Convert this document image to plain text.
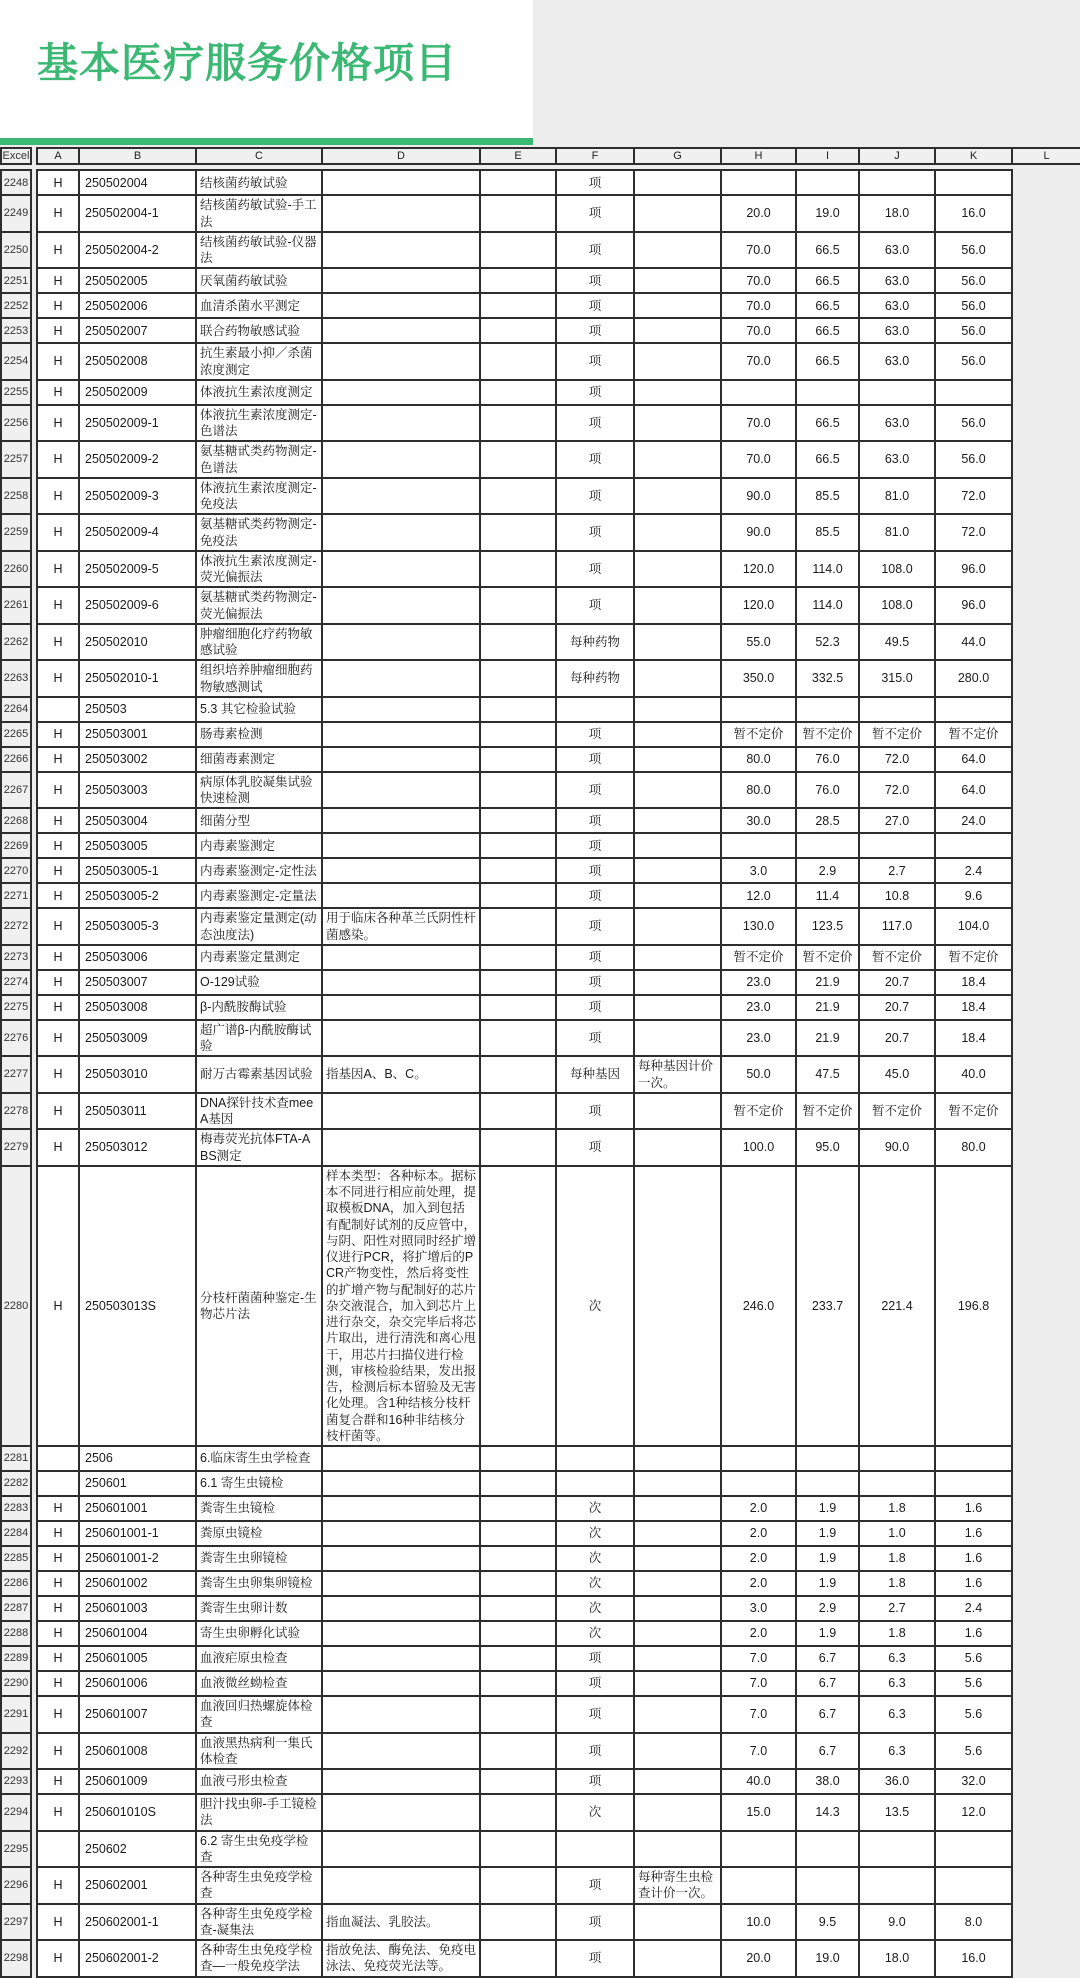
基本医疗服务价格项目
Excel		A	B	C	D	E	F	G	H	I	J	K	L

2248		H	250502004	结核菌药敏试验			项						
2249		H	250502004-1	结核菌药敏试验-手工法			项		20.0	19.0	18.0	16.0	
2250		H	250502004-2	结核菌药敏试验-仪器法			项		70.0	66.5	63.0	56.0	
2251		H	250502005	厌氧菌药敏试验			项		70.0	66.5	63.0	56.0	
2252		H	250502006	血清杀菌水平测定			项		70.0	66.5	63.0	56.0	
2253		H	250502007	联合药物敏感试验			项		70.0	66.5	63.0	56.0	
2254		H	250502008	抗生素最小抑／杀菌浓度测定			项		70.0	66.5	63.0	56.0	
2255		H	250502009	体液抗生素浓度测定			项						
2256		H	250502009-1	体液抗生素浓度测定-色谱法			项		70.0	66.5	63.0	56.0	
2257		H	250502009-2	氨基糖甙类药物测定-色谱法			项		70.0	66.5	63.0	56.0	
2258		H	250502009-3	体液抗生素浓度测定-免疫法			项		90.0	85.5	81.0	72.0	
2259		H	250502009-4	氨基糖甙类药物测定-免疫法			项		90.0	85.5	81.0	72.0	
2260		H	250502009-5	体液抗生素浓度测定-荧光偏振法			项		120.0	114.0	108.0	96.0	
2261		H	250502009-6	氨基糖甙类药物测定-荧光偏振法			项		120.0	114.0	108.0	96.0	
2262		H	250502010	肿瘤细胞化疗药物敏感试验			每种药物		55.0	52.3	49.5	44.0	
2263		H	250502010-1	组织培养肿瘤细胞药物敏感测试			每种药物		350.0	332.5	315.0	280.0	
2264			250503	5.3 其它检验试验									
2265		H	250503001	肠毒素检测			项		暂不定价	暂不定价	暂不定价	暂不定价	
2266		H	250503002	细菌毒素测定			项		80.0	76.0	72.0	64.0	
2267		H	250503003	病原体乳胶凝集试验快速检测			项		80.0	76.0	72.0	64.0	
2268		H	250503004	细菌分型			项		30.0	28.5	27.0	24.0	
2269		H	250503005	内毒素鉴测定			项						
2270		H	250503005-1	内毒素鉴测定-定性法			项		3.0	2.9	2.7	2.4	
2271		H	250503005-2	内毒素鉴测定-定量法			项		12.0	11.4	10.8	9.6	
2272		H	250503005-3	内毒素鉴定量测定(动态浊度法)	用于临床各种革兰氏阴性杆菌感染。		项		130.0	123.5	117.0	104.0	
2273		H	250503006	内毒素鉴定量测定			项		暂不定价	暂不定价	暂不定价	暂不定价	
2274		H	250503007	O-129试验			项		23.0	21.9	20.7	18.4	
2275		H	250503008	β-内酰胺酶试验			项		23.0	21.9	20.7	18.4	
2276		H	250503009	超广谱β-内酰胺酶试验			项		23.0	21.9	20.7	18.4	
2277		H	250503010	耐万古霉素基因试验	指基因A、B、C。		每种基因	每种基因计价一次。	50.0	47.5	45.0	40.0	
2278		H	250503011	DNA探针技术查meeA基因			项		暂不定价	暂不定价	暂不定价	暂不定价	
2279		H	250503012	梅毒荧光抗体FTA-ABS测定			项		100.0	95.0	90.0	80.0	
2280		H	250503013S	分枝杆菌菌种鉴定-生物芯片法	样本类型：各种标本。据标本不同进行相应前处理，提取模板DNA，加入到包括有配制好试剂的反应管中，与阴、阳性对照同时经扩增仪进行PCR，将扩增后的PCR产物变性，然后将变性的扩增产物与配制好的芯片杂交液混合，加入到芯片上进行杂交，杂交完毕后将芯片取出，进行清洗和离心甩干，用芯片扫描仪进行检测，审核检验结果，发出报告，检测后标本留验及无害化处理。含1种结核分枝杆菌复合群和16种非结核分枝杆菌等。		次		246.0	233.7	221.4	196.8	
2281			2506	6.临床寄生虫学检查									
2282			250601	6.1 寄生虫镜检									
2283		H	250601001	粪寄生虫镜检			次		2.0	1.9	1.8	1.6	
2284		H	250601001-1	粪原虫镜检			次		2.0	1.9	1.0	1.6	
2285		H	250601001-2	粪寄生虫卵镜检			次		2.0	1.9	1.8	1.6	
2286		H	250601002	粪寄生虫卵集卵镜检			次		2.0	1.9	1.8	1.6	
2287		H	250601003	粪寄生虫卵计数			次		3.0	2.9	2.7	2.4	
2288		H	250601004	寄生虫卵孵化试验			次		2.0	1.9	1.8	1.6	
2289		H	250601005	血液疟原虫检查			项		7.0	6.7	6.3	5.6	
2290		H	250601006	血液微丝蚴检查			项		7.0	6.7	6.3	5.6	
2291		H	250601007	血液回归热螺旋体检查			项		7.0	6.7	6.3	5.6	
2292		H	250601008	血液黑热病利一集氏体检查			项		7.0	6.7	6.3	5.6	
2293		H	250601009	血液弓形虫检查			项		40.0	38.0	36.0	32.0	
2294		H	250601010S	胆汁找虫卵-手工镜检法			次		15.0	14.3	13.5	12.0	
2295			250602	6.2 寄生虫免疫学检查									
2296		H	250602001	各种寄生虫免疫学检查			项	每种寄生虫检查计价一次。					
2297		H	250602001-1	各种寄生虫免疫学检查-凝集法	指血凝法、乳胶法。		项		10.0	9.5	9.0	8.0	
2298		H	250602001-2	各种寄生虫免疫学检查—一般免疫学法	指放免法、酶免法、免疫电泳法、免疫荧光法等。		项		20.0	19.0	18.0	16.0	
